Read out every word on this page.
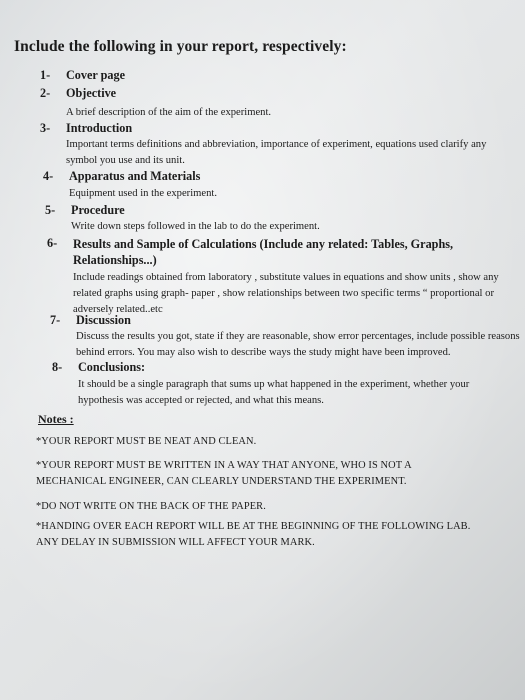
Include the following in your report, respectively:
1- Cover page
2- Objective
A brief description of the aim of the experiment.
3- Introduction
Important terms definitions and abbreviation, importance of experiment, equations used clarify any symbol you use and its unit.
4- Apparatus and Materials
Equipment used in the experiment.
5- Procedure
Write down steps followed in the lab to do the experiment.
6- Results and Sample of Calculations (Include any related: Tables, Graphs, Relationships...)
Include readings obtained from laboratory , substitute values in equations and show units , show any related graphs using graph- paper , show relationships between two specific terms “ proportional or adversely related..etc
7- Discussion
Discuss the results you got, state if they are reasonable, show error percentages, include possible reasons behind errors. You may also wish to describe ways the study might have been improved.
8- Conclusions:
It should be a single paragraph that sums up what happened in the experiment, whether your hypothesis was accepted or rejected, and what this means.
Notes :
*YOUR REPORT MUST BE NEAT AND CLEAN.
*YOUR REPORT MUST BE WRITTEN IN A WAY THAT ANYONE, WHO IS NOT A MECHANICAL ENGINEER, CAN CLEARLY UNDERSTAND THE EXPERIMENT.
*DO NOT WRITE ON THE BACK OF THE PAPER.
*HANDING OVER EACH REPORT WILL BE AT THE BEGINNING OF THE FOLLOWING LAB. ANY DELAY IN SUBMISSION WILL AFFECT YOUR MARK.
